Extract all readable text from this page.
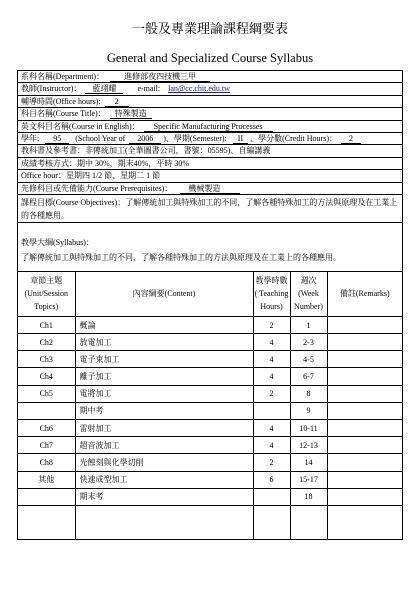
一般及專業理論課程綱要表
General and Specialized Course Syllabus
系科名稱(Department)：	進修部夜四技機三甲
教師(Instructor)： 藍翊耀	e-mail: lan@cc.chit.edu.tw
輔導時間(Office hours): 2
科目名稱(Course Title)： 特殊製造
英文科目名稱(Course in English)： Specific Manufacturing Processes
學年: 95 (School Year of 2006 )、學期(Semester): II 、學分數(Credit Hours)： 2
教科書及參考書：非傳統加工(全華圖書公司，書號：05595)、自編講義
成績考核方式：期中 30%，期末40%，平時 30%
Office hour：星期四 1/2 節、星期二 1 節
先修科目或先備能力(Course Prerequisites)： 機械製造
課程目標(Course Objectives)：了解傳統加工與特殊加工的不同，了解各種特殊加工的方法與原理及在工業上的各種應用。
教學大綱(Syllabus)：
了解傳統加工與特殊加工的不同，了解各種特殊加工的方法與原理及在工業上的各種應用。
章節主題
(Unit/Session
Topics)	內容綱要(Content)	教學時數
( Teaching
Hours)	週次
(Week
Number)	備註(Remarks)

Ch1	概論	2	1	
Ch2	放電加工	4	2-3	
Ch3	電子束加工	4	4-5	
Ch4	離子加工	4	6-7	
Ch5	電將加工	2	8	
	期中考		9	
Ch6	雷射加工	4	10-11	
Ch7	超音波加工	4	12-13	
Ch8	光蝕刻與化學切削	2	14	
其他	快速成型加工	6	15-17	
	期末考		18	
